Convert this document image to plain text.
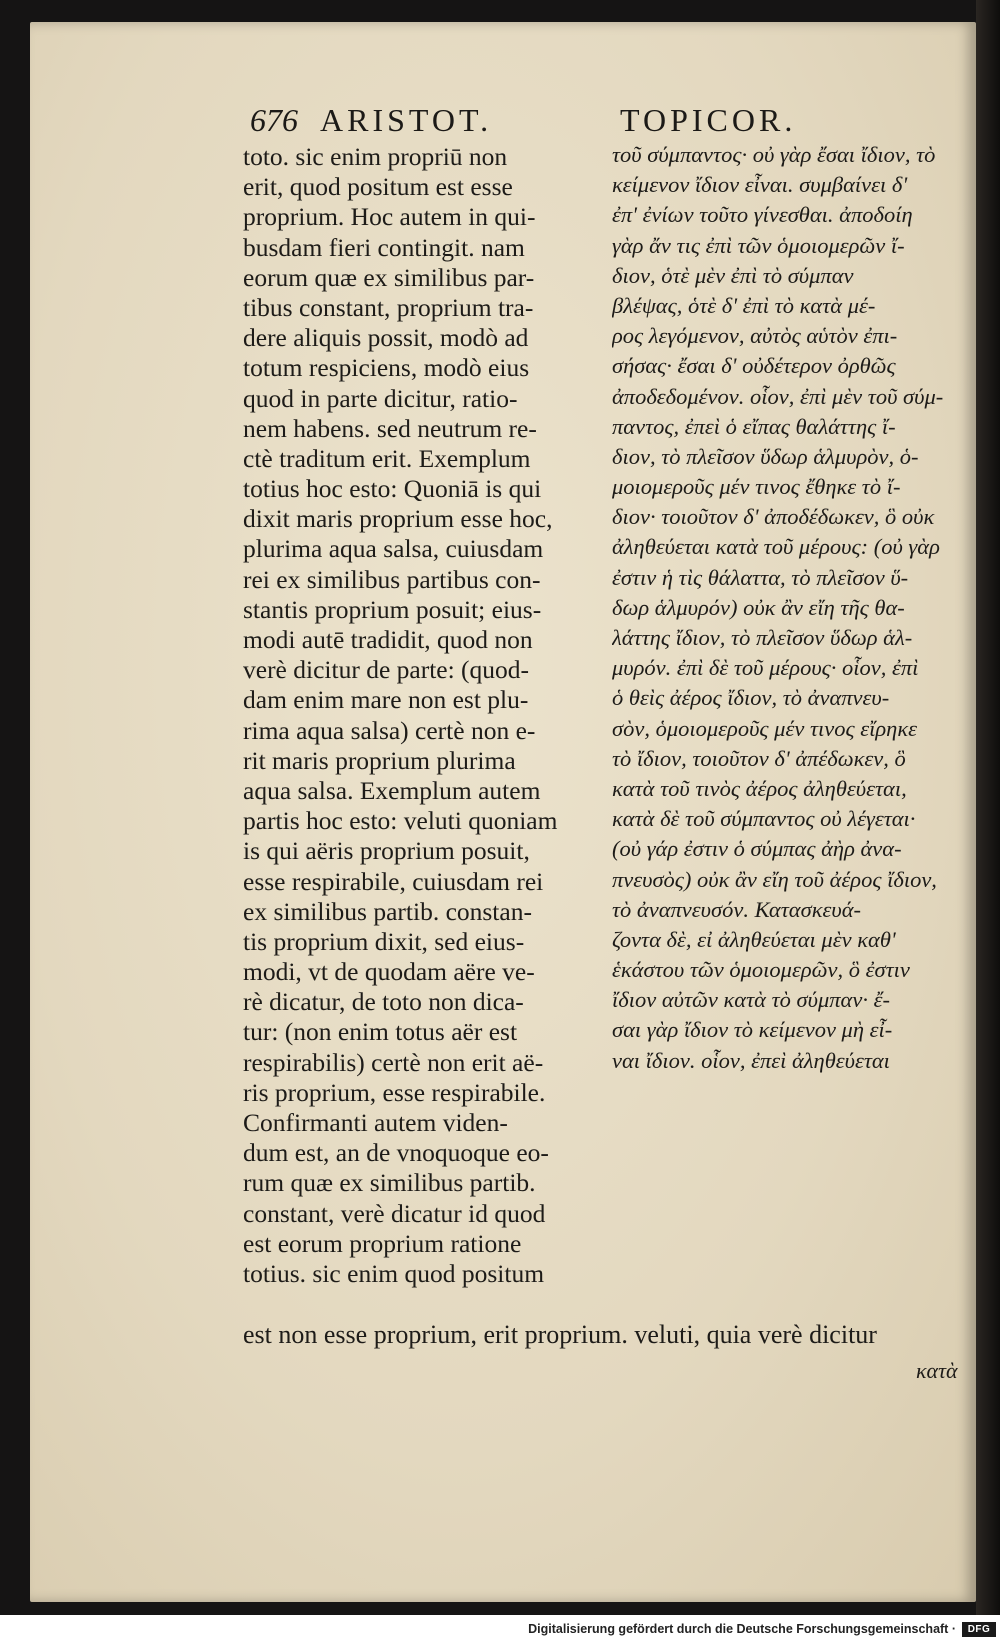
676 ARISTOT.	TOPICOR.
toto. sic enim propriū non
erit, quod positum est esse
proprium. Hoc autem in qui-
busdam fieri contingit. nam
eorum quæ ex similibus par-
tibus constant, proprium tra-
dere aliquis possit, modò ad
totum respiciens, modò eius
quod in parte dicitur, ratio-
nem habens. sed neutrum re-
ctè traditum erit. Exemplum
totius hoc esto: Quoniā is qui
dixit maris proprium esse hoc,
plurima aqua salsa, cuiusdam
rei ex similibus partibus con-
stantis proprium posuit; eius-
modi autē tradidit, quod non
verè dicitur de parte: (quod-
dam enim mare non est plu-
rima aqua salsa) certè non e-
rit maris proprium plurima
aqua salsa. Exemplum autem
partis hoc esto: veluti quoniam
is qui aëris proprium posuit,
esse respirabile, cuiusdam rei
ex similibus partib. constan-
tis proprium dixit, sed eius-
modi, vt de quodam aëre ve-
rè dicatur, de toto non dica-
tur: (non enim totus aër est
respirabilis) certè non erit aë-
ris proprium, esse respirabile.
Confirmanti autem viden-
dum est, an de vnoquoque eo-
rum quæ ex similibus partib.
constant, verè dicatur id quod
est eorum proprium ratione
totius. sic enim quod positum
τοῦ σύμπαντος· οὐ γὰρ ἔσαι ἴδιον, τὸ
κείμενον ἴδιον εἶναι. συμβαίνει δ'
ἐπ' ἐνίων τοῦτο γίνεσθαι. ἀποδοίη
γὰρ ἄν τις ἐπὶ τῶν ὁμοιομερῶν ἴ-
διον, ὁτὲ μὲν ἐπὶ τὸ σύμπαν
βλέψας, ὁτὲ δ' ἐπὶ τὸ κατὰ μέ-
ρος λεγόμενον, αὐτὸς αὑτὸν ἐπι-
σήσας· ἔσαι δ' οὐδέτερον ὀρθῶς
ἀποδεδομένον. οἷον, ἐπὶ μὲν τοῦ σύμ-
παντος, ἐπεὶ ὁ εἴπας θαλάττης ἴ-
διον, τὸ πλεῖσον ὕδωρ ἁλμυρὸν, ὁ-
μοιομεροῦς μέν τινος ἔθηκε τὸ ἴ-
διον· τοιοῦτον δ' ἀποδέδωκεν, ὃ οὐκ
ἀληθεύεται κατὰ τοῦ μέρους: (οὐ γὰρ
ἐστιν ἡ τὶς θάλαττα, τὸ πλεῖσον ὕ-
δωρ ἁλμυρόν) οὐκ ἂν εἴη τῆς θα-
λάττης ἴδιον, τὸ πλεῖσον ὕδωρ ἁλ-
μυρόν. ἐπὶ δὲ τοῦ μέρους· οἷον, ἐπὶ
ὁ θεὶς ἀέρος ἴδιον, τὸ ἀναπνευ-
σὸν, ὁμοιομεροῦς μέν τινος εἴρηκε
τὸ ἴδιον, τοιοῦτον δ' ἀπέδωκεν, ὃ
κατὰ τοῦ τινὸς ἀέρος ἀληθεύεται,
κατὰ δὲ τοῦ σύμπαντος οὐ λέγεται·
(οὐ γάρ ἐστιν ὁ σύμπας ἀὴρ ἀνα-
πνευσὸς) οὐκ ἂν εἴη τοῦ ἀέρος ἴδιον,
τὸ ἀναπνευσόν. Κατασκευά-
ζοντα δὲ, εἰ ἀληθεύεται μὲν καθ'
ἑκάστου τῶν ὁμοιομερῶν, ὃ ἐστιν
ἴδιον αὐτῶν κατὰ τὸ σύμπαν· ἔ-
σαι γὰρ ἴδιον τὸ κείμενον μὴ εἶ-
ναι ἴδιον. οἷον, ἐπεὶ ἀληθεύεται
est non esse proprium, erit proprium. veluti, quia verè dicitur
κατὰ
Digitalisierung gefördert durch die Deutsche Forschungsgemeinschaft ·	DFG
